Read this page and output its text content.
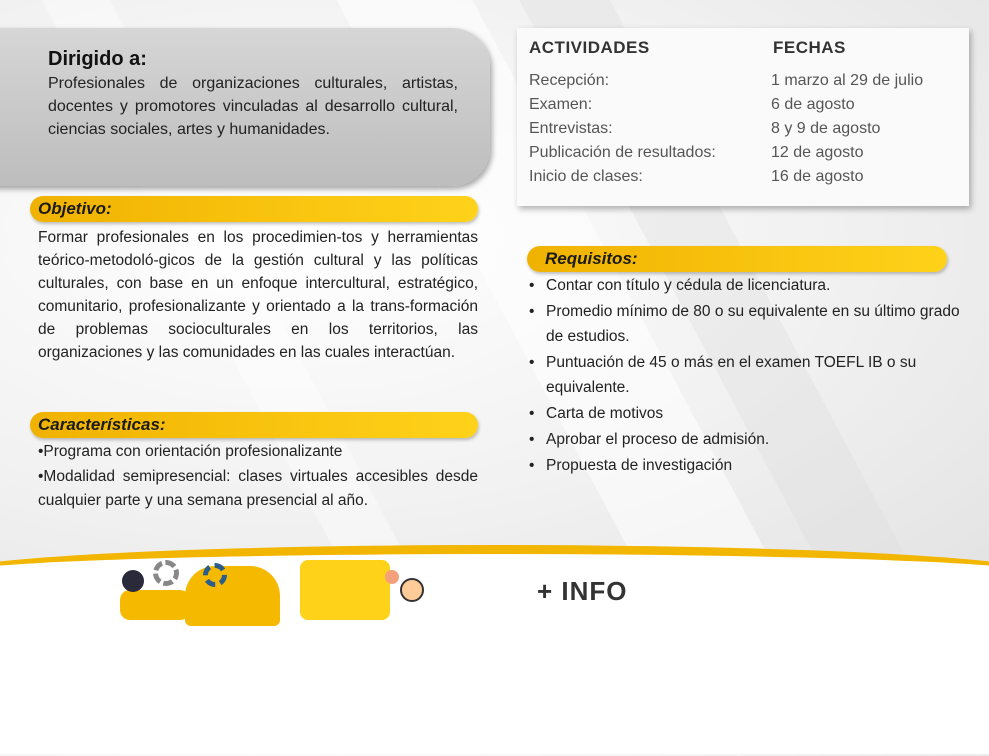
Dirigido a:
Profesionales de organizaciones culturales, artistas, docentes y promotores vinculadas al desarrollo cultural, ciencias sociales, artes y humanidades.
ACTIVIDADES	FECHAS
Recepción:
Examen:
Entrevistas:
Publicación de resultados:
Inicio de clases:
1 marzo al 29 de julio
6 de agosto
8 y 9 de agosto
12 de agosto
16 de agosto
Objetivo:
Formar profesionales en los procedimien-tos y herramientas teórico-metodoló-gicos de la gestión cultural y las políticas culturales, con base en un enfoque intercultural, estratégico, comunitario, profesionalizante y orientado a la trans-formación de problemas socioculturales en los territorios, las organizaciones y las comunidades en las cuales interactúan.
Características:
•Programa con orientación profesionalizante
•Modalidad semipresencial: clases virtuales accesibles desde cualquier parte y una semana presencial al año.
Requisitos:
• Contar con título y cédula de licenciatura.
• Promedio mínimo de 80 o su equivalente en su último grado de estudios.
• Puntuación de 45 o más en el examen TOEFL IB o su equivalente.
• Carta de motivos
• Aprobar el proceso de admisión.
• Propuesta de investigación
+ INFO
